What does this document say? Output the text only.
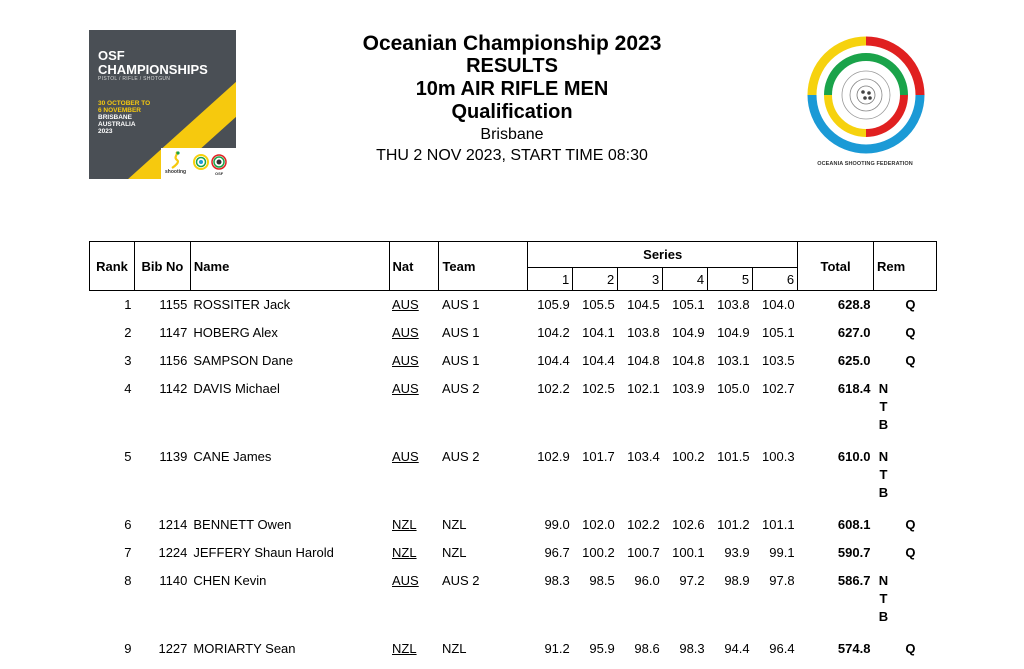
OSF
CHAMPIONSHIPS
PISTOL / RIFLE / SHOTGUN
30 OCTOBER TO
6 NOVEMBER
BRISBANE
AUSTRALIA
2023
shooting	OSF

Oceanian Championship 2023

RESULTS

10m AIR RIFLE MEN

Qualification

Brisbane

THU 2 NOV 2023, START TIME 08:30	OCEANIA SHOOTING FEDERATION
Rank	Bib No	Name	Nat	Team	Series						Total	Rem
					1	2	3	4	5	6		
1	1155	ROSSITER Jack	AUS	AUS 1	105.9	105.5	104.5	105.1	103.8	104.0	628.8	Q

2	1147	HOBERG Alex	AUS	AUS 1	104.2	104.1	103.8	104.9	104.9	105.1	627.0	Q

3	1156	SAMPSON Dane	AUS	AUS 1	104.4	104.4	104.8	104.8	103.1	103.5	625.0	Q

4	1142	DAVIS Michael	AUS	AUS 2	102.2	102.5	102.1	103.9	105.0	102.7	618.4	N
T
B

5	1139	CANE James	AUS	AUS 2	102.9	101.7	103.4	100.2	101.5	100.3	610.0	N
T
B

6	1214	BENNETT Owen	NZL	NZL	99.0	102.0	102.2	102.6	101.2	101.1	608.1	Q

7	1224	JEFFERY Shaun Harold	NZL	NZL	96.7	100.2	100.7	100.1	93.9	99.1	590.7	Q

8	1140	CHEN Kevin	AUS	AUS 2	98.3	98.5	96.0	97.2	98.9	97.8	586.7	N
T
B

9	1227	MORIARTY Sean	NZL	NZL	91.2	95.9	98.6	98.3	94.4	96.4	574.8	Q
